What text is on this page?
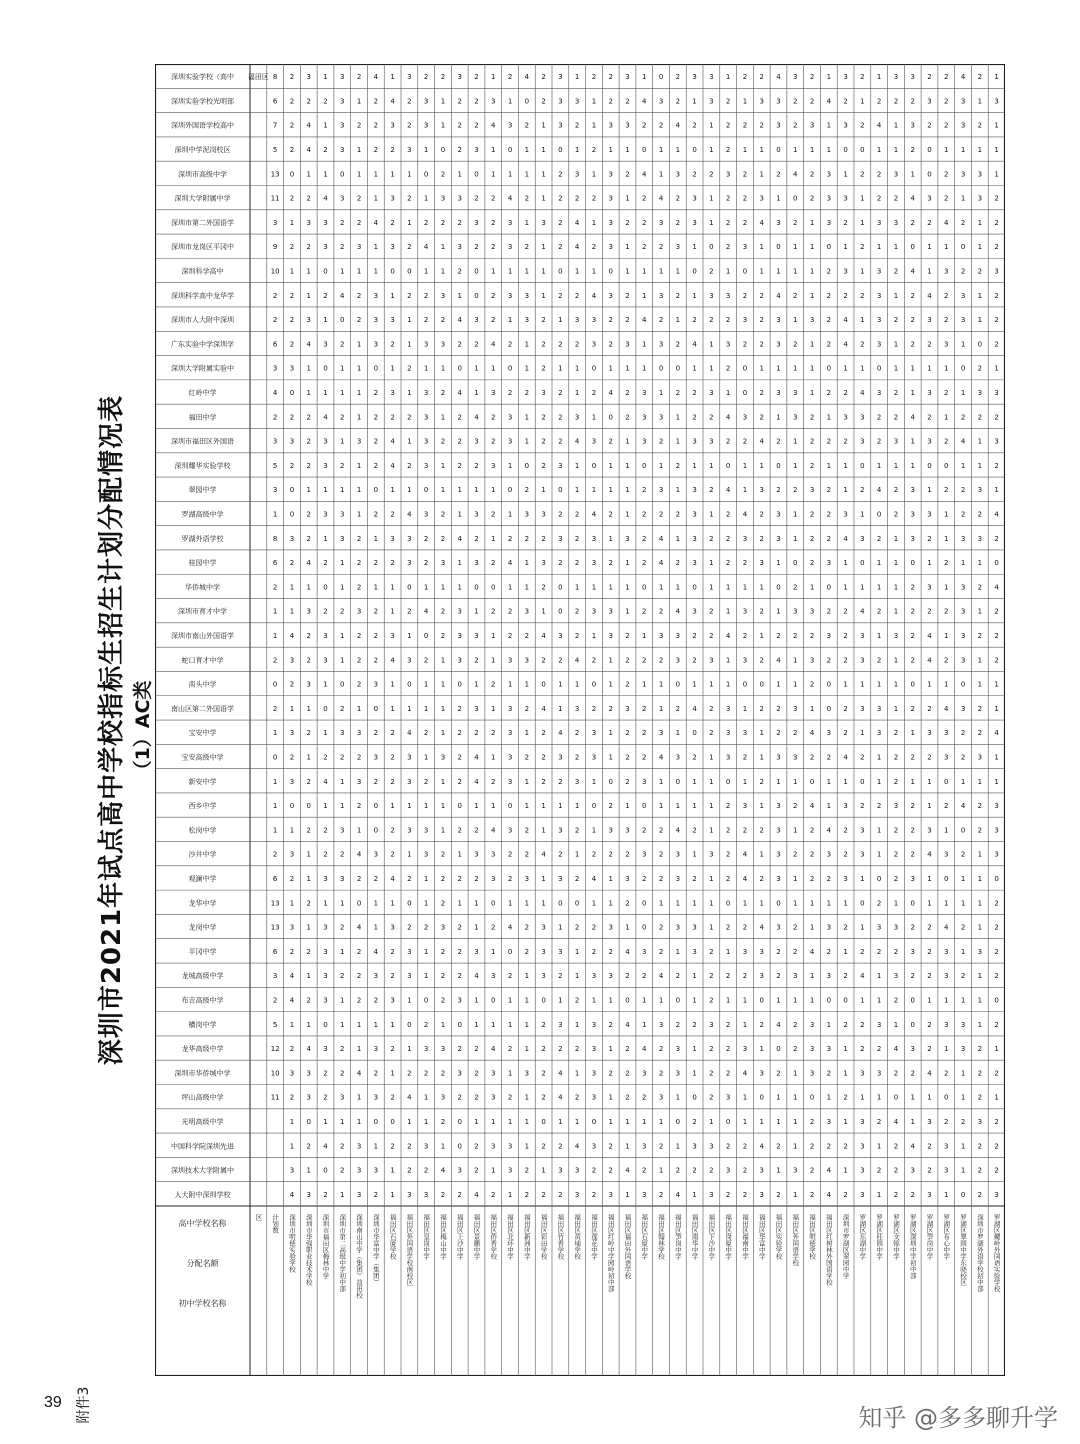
39 附件3
深圳市2021年试点高中学校指标生招生计划分配情况表 （1）AC类
知乎 @多多聊升学
深圳实验学校（高中
深圳实验学校光明部
深圳外国语学校高中
深圳中学泥岗校区
深圳市高级中学
深圳大学附属中学
深圳市第二外国语学
深圳市龙岗区平冈中
深圳科学高中
深圳科学高中龙华学
深圳市人大附中深圳
广东实验中学深圳学
深圳大学附属实验中
红岭中学
福田中学
深圳市福田区外国语
深圳耀华实验学校
翠园中学
罗湖高级中学
罗湖外语学校
桂园中学
华侨城中学
深圳市育才中学
深圳市南山外国语学
蛇口育才中学
南头中学
南山区第二外国语学
宝安中学
宝安高级中学
新安中学
西乡中学
松岗中学
沙井中学
观澜中学
龙华中学
龙岗中学
平冈中学
龙城高级中学
布吉高级中学
横岗中学
龙华高级中学
深圳市华侨城中学
坪山高级中学
光明高级中学
中国科学院深圳先进
深圳技术大学附属中
人大附中深圳学校
区 计划数 深圳市明德实验学校 深圳市华强职业技术学校 深圳市福田区梅林中学 深圳市第二高级中学初中部 深圳南山中学（集团）益田校 深圳市华富中学（集团） 福田区石厦学校 福田区外国语学校南校区 福田区皇岗中学 福田区梅山中学 福田区上沙中学 福田区景鹏中学 福田区侨香学校 福田区北环中学 福田区新洲中学 福田区彩田学校 福田区竹香学校 福田区黄埔学校 福田区莲花中学 福田区红岭中学园岭初中部 福田区福田外国语学校 福田区石厦中学 福田区翰林学校 福田区笋岗中学 福田区南华中学 福田区下沙中学 福田区岗厦中学 福田区福南中学 福田区华富中学 福田区实验学校 福田区外国语学校 福田区明德学校 福田区红树林外国语学校 深圳市罗湖区翠园中学 罗湖区东湖中学 罗湖区桂园中学 罗湖区文锦中学 罗湖区深圳中学初中部 罗湖区笋岗中学 罗湖区布心中学 罗湖区翠园中学东晓校区 深圳市罗湖外语学校初中部 罗湖区螺岭外国语实验学校
高中学校名称
分配名额
初中学校名称
2 3 1 3 2 4 1 3 2 2 3 2 1 2 4 2 3 1 2 2 3 1 0 2 3 3 1 2 2 4 3 2 1 3 2 1 3 3 2 2 4 2 1
2 2 2 3 1 2 4 2 3 1 2 2 3 1 0 2 3 3 1 2 2 4 3 2 1 3 2 1 3 3 2 2 4 2 1 2 2 2 3 2 3 1 3
2 4 1 3 2 2 3 2 3 1 2 2 4 3 2 1 3 2 1 3 3 2 2 4 2 1 2 2 2 3 2 3 1 3 2 4 1 3 2 2 3 2 1
2 4 2 3 1 2 2 3 1 0 2 3 1 0 1 1 0 1 2 1 1 0 1 1 0 1 2 1 1 0 1 1 1 0 0 1 1 2 0 1 1 1 1
0 1 1 0 1 1 1 1 0 2 1 0 1 1 1 1 2 3 1 3 2 4 1 3 2 2 3 2 1 2 4 2 3 1 2 2 3 1 0 2 3 3 1
2 2 4 3 2 1 3 2 1 3 3 2 2 4 2 1 2 2 2 3 1 2 4 2 3 1 2 2 3 1 0 2 3 3 1 2 2 4 3 2 1 3 2
1 3 3 2 2 4 2 1 2 2 2 3 2 3 1 3 2 4 1 3 2 2 3 2 3 1 2 2 4 3 2 1 3 2 1 3 3 2 2 4 2 1 2
2 2 3 2 3 1 3 2 4 1 3 2 2 3 2 1 2 4 2 3 1 2 2 3 1 0 2 3 1 0 1 1 0 1 2 1 1 0 1 1 0 1 2
1 1 0 1 1 1 0 0 1 1 2 0 1 1 1 1 0 1 1 0 1 1 1 1 0 2 1 0 1 1 1 1 2 3 1 3 2 4 1 3 2 2 3
2 1 2 4 2 3 1 2 2 3 1 0 2 3 3 1 2 2 4 3 2 1 3 2 1 3 3 2 2 4 2 1 2 2 2 3 1 2 4 2 3 1 2
2 3 1 0 2 3 3 1 2 2 4 3 2 1 3 2 1 3 3 2 2 4 2 1 2 2 2 3 2 3 1 3 2 4 1 3 2 2 3 2 3 1 2
2 4 3 2 1 3 2 1 3 3 2 2 4 2 1 2 2 2 3 2 3 1 3 2 4 1 3 2 2 3 2 1 2 4 2 3 1 2 2 3 1 0 2
3 1 0 1 1 0 1 2 1 1 0 1 1 0 1 2 1 1 0 1 1 1 0 0 1 1 2 0 1 1 1 1 0 1 1 0 1 1 1 1 0 2 1
0 1 1 1 1 2 3 1 3 2 4 1 3 2 2 3 2 1 2 4 2 3 1 2 2 3 1 0 2 3 3 1 2 2 4 3 2 1 3 2 1 3 3
2 2 4 2 1 2 2 2 3 1 2 4 2 3 1 2 2 3 1 0 2 3 3 1 2 2 4 3 2 1 3 2 1 3 3 2 2 4 2 1 2 2 2
3 2 3 1 3 2 4 1 3 2 2 3 2 3 1 2 2 4 3 2 1 3 2 1 3 3 2 2 4 2 1 2 2 2 3 2 3 1 3 2 4 1 3
2 2 3 2 1 2 4 2 3 1 2 2 3 1 0 2 3 1 0 1 1 0 1 2 1 1 0 1 1 0 1 2 1 1 0 1 1 1 0 0 1 1 2
0 1 1 1 1 0 1 1 0 1 1 1 1 0 2 1 0 1 1 1 1 2 3 1 3 2 4 1 3 2 2 3 2 1 2 4 2 3 1 2 2 3 1
0 2 3 3 1 2 2 4 3 2 1 3 2 1 3 3 2 2 4 2 1 2 2 2 3 1 2 4 2 3 1 2 2 3 1 0 2 3 3 1 2 2 4
3 2 1 3 2 1 3 3 2 2 4 2 1 2 2 2 3 2 3 1 3 2 4 1 3 2 2 3 2 3 1 2 2 4 3 2 1 3 2 1 3 3 2
2 4 2 1 2 2 2 3 2 3 1 3 2 4 1 3 2 2 3 2 1 2 4 2 3 1 2 2 3 1 0 2 3 1 0 1 1 0 1 2 1 1 0
1 1 0 1 2 1 1 0 1 1 1 0 0 1 1 2 0 1 1 1 1 0 1 1 0 1 1 1 1 0 2 1 0 1 1 1 1 2 3 1 3 2 4
1 3 2 2 3 2 1 2 4 2 3 1 2 2 3 1 0 2 3 3 1 2 2 4 3 2 1 3 2 1 3 3 2 2 4 2 1 2 2 2 3 1 2
4 2 3 1 2 2 3 1 0 2 3 3 1 2 2 4 3 2 1 3 2 1 3 3 2 2 4 2 1 2 2 2 3 2 3 1 3 2 4 1 3 2 2
3 2 3 1 2 2 4 3 2 1 3 2 1 3 3 2 2 4 2 1 2 2 2 3 2 3 1 3 2 4 1 3 2 2 3 2 1 2 4 2 3 1 2
2 3 1 0 2 3 1 0 1 1 0 1 2 1 1 0 1 1 0 1 2 1 1 0 1 1 1 0 0 1 1 2 0 1 1 1 1 0 1 1 0 1 1
1 1 0 2 1 0 1 1 1 1 2 3 1 3 2 4 1 3 2 2 3 2 1 2 4 2 3 1 2 2 3 1 0 2 3 3 1 2 2 4 3 2 1
3 2 1 3 3 2 2 4 2 1 2 2 2 3 1 2 4 2 3 1 2 2 3 1 0 2 3 3 1 2 2 4 3 2 1 3 2 1 3 3 2 2 4
2 1 2 2 2 3 2 3 1 3 2 4 1 3 2 2 3 2 3 1 2 2 4 3 2 1 3 2 1 3 3 2 2 4 2 1 2 2 2 3 2 3 1
3 2 4 1 3 2 2 3 2 1 2 4 2 3 1 2 2 3 1 0 2 3 1 0 1 1 0 1 2 1 1 0 1 1 0 1 2 1 1 0 1 1 1
0 0 1 1 2 0 1 1 1 1 0 1 1 0 1 1 1 1 0 2 1 0 1 1 1 1 2 3 1 3 2 4 1 3 2 2 3 2 1 2 4 2 3
1 2 2 3 1 0 2 3 3 1 2 2 4 3 2 1 3 2 1 3 3 2 2 4 2 1 2 2 2 3 1 2 4 2 3 1 2 2 3 1 0 2 3
3 1 2 2 4 3 2 1 3 2 1 3 3 2 2 4 2 1 2 2 2 3 2 3 1 3 2 4 1 3 2 2 3 2 3 1 2 2 4 3 2 1 3
2 1 3 3 2 2 4 2 1 2 2 2 3 2 3 1 3 2 4 1 3 2 2 3 2 1 2 4 2 3 1 2 2 3 1 0 2 3 1 0 1 1 0
1 2 1 1 0 1 1 0 1 2 1 1 0 1 1 1 0 0 1 1 2 0 1 1 1 1 0 1 1 0 1 1 1 1 0 2 1 0 1 1 1 1 2
3 1 3 2 4 1 3 2 2 3 2 1 2 4 2 3 1 2 2 3 1 0 2 3 3 1 2 2 4 3 2 1 3 2 1 3 3 2 2 4 2 1 2
2 2 3 1 2 4 2 3 1 2 2 3 1 0 2 3 3 1 2 2 4 3 2 1 3 2 1 3 3 2 2 4 2 1 2 2 2 3 2 3 1 3 2
4 1 3 2 2 3 2 3 1 2 2 4 3 2 1 3 2 1 3 3 2 2 4 2 1 2 2 2 3 2 3 1 3 2 4 1 3 2 2 3 2 1 2
4 2 3 1 2 2 3 1 0 2 3 1 0 1 1 0 1 2 1 1 0 1 1 0 1 2 1 1 0 1 1 1 0 0 1 1 2 0 1 1 1 1 0
1 1 0 1 1 1 1 0 2 1 0 1 1 1 1 2 3 1 3 2 4 1 3 2 2 3 2 1 2 4 2 3 1 2 2 3 1 0 2 3 3 1 2
2 4 3 2 1 3 2 1 3 3 2 2 4 2 1 2 2 2 3 1 2 4 2 3 1 2 2 3 1 0 2 3 3 1 2 2 4 3 2 1 3 2 1
3 3 2 2 4 2 1 2 2 2 3 2 3 1 3 2 4 1 3 2 2 3 2 3 1 2 2 4 3 2 1 3 2 1 3 3 2 2 4 2 1 2 2
2 3 2 3 1 3 2 4 1 3 2 2 3 2 1 2 4 2 3 1 2 2 3 1 0 2 3 1 0 1 1 0 1 2 1 1 0 1 1 0 1 2 1
1 0 1 1 1 0 0 1 1 2 0 1 1 1 1 0 1 1 0 1 1 1 1 0 2 1 0 1 1 1 1 2 3 1 3 2 4 1 3 2 2 3 2
1 2 4 2 3 1 2 2 3 1 0 2 3 3 1 2 2 4 3 2 1 3 2 1 3 3 2 2 4 2 1 2 2 2 3 1 2 4 2 3 1 2 2
3 1 0 2 3 3 1 2 2 4 3 2 1 3 2 1 3 3 2 2 4 2 1 2 2 2 3 2 3 1 3 2 4 1 3 2 2 3 2 3 1 2 2
4 3 2 1 3 2 1 3 3 2 2 4 2 1 2 2 2 3 2 3 1 3 2 4 1 3 2 2 3 2 1 2 4 2 3 1 2 2 3 1 0 2 3
福田区 8
6
7
5
13
11
3
9
10
2
2
6
3
4
2
3
5
3
1
8
6
2
1
1
2
0
2
1
0
1
1
1
2
6
13
13
6
3
2
5
12
10
11
